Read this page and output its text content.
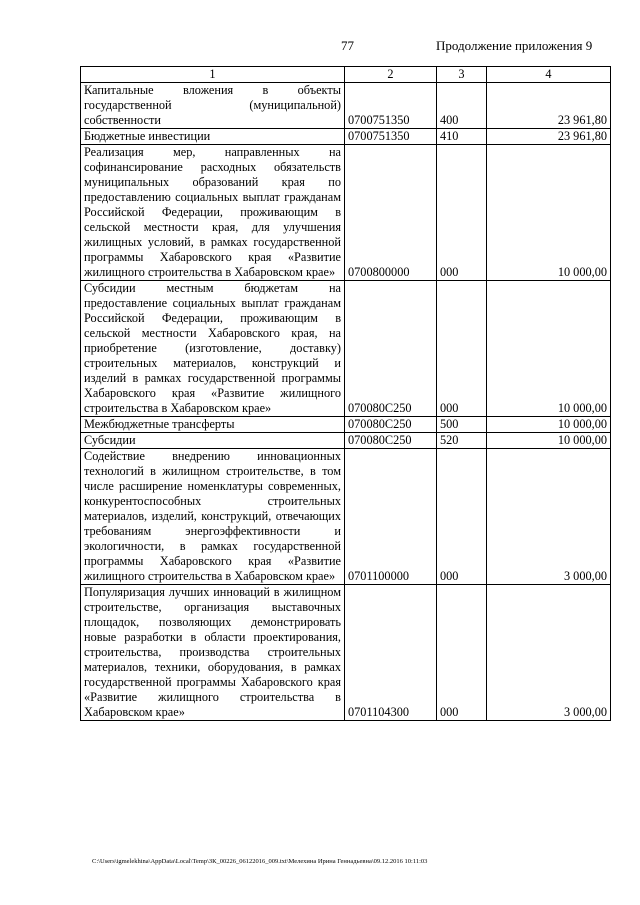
77	Продолжение приложения 9
1	2	3	4
Капитальные вложения в объекты государственной (муниципальной) собственности	0700751350	400	23 961,80
Бюджетные инвестиции	0700751350	410	23 961,80
Реализация мер, направленных на софинансирование расходных обязательств муниципальных образований края по предоставлению социальных выплат гражданам Российской Федерации, проживающим в сельской местности края, для улучшения жилищных условий, в рамках государственной программы Хабаровского края «Развитие жилищного строительства в Хабаровском крае»	0700800000	000	10 000,00
Субсидии местным бюджетам на предоставление социальных выплат гражданам Российской Федерации, проживающим в сельской местности Хабаровского края, на приобретение (изготовление, доставку) строительных материалов, конструкций и изделий в рамках государственной программы Хабаровского края «Развитие жилищного строительства в Хабаровском крае»	070080С250	000	10 000,00
Межбюджетные трансферты	070080С250	500	10 000,00
Субсидии	070080С250	520	10 000,00
Содействие внедрению инновационных технологий в жилищном строительстве, в том числе расширение номенклатуры современных, конкурентоспособных строительных материалов, изделий, конструкций, отвечающих требованиям энергоэффективности и экологичности, в рамках государственной программы Хабаровского края «Развитие жилищного строительства в Хабаровском крае»	0701100000	000	3 000,00
Популяризация лучших инноваций в жилищном строительстве, организация выставочных площадок, позволяющих демонстрировать новые разработки в области проектирования, строительства, производства строительных материалов, техники, оборудования, в рамках государственной программы Хабаровского края «Развитие жилищного строительства в Хабаровском крае»	0701104300	000	3 000,00
C:\Users\igmelekhina\AppData\Local\Temp\ЗК_00226_06122016_009.txt\Мелехина Ирина Геннадьевна\09.12.2016 10:11:03
